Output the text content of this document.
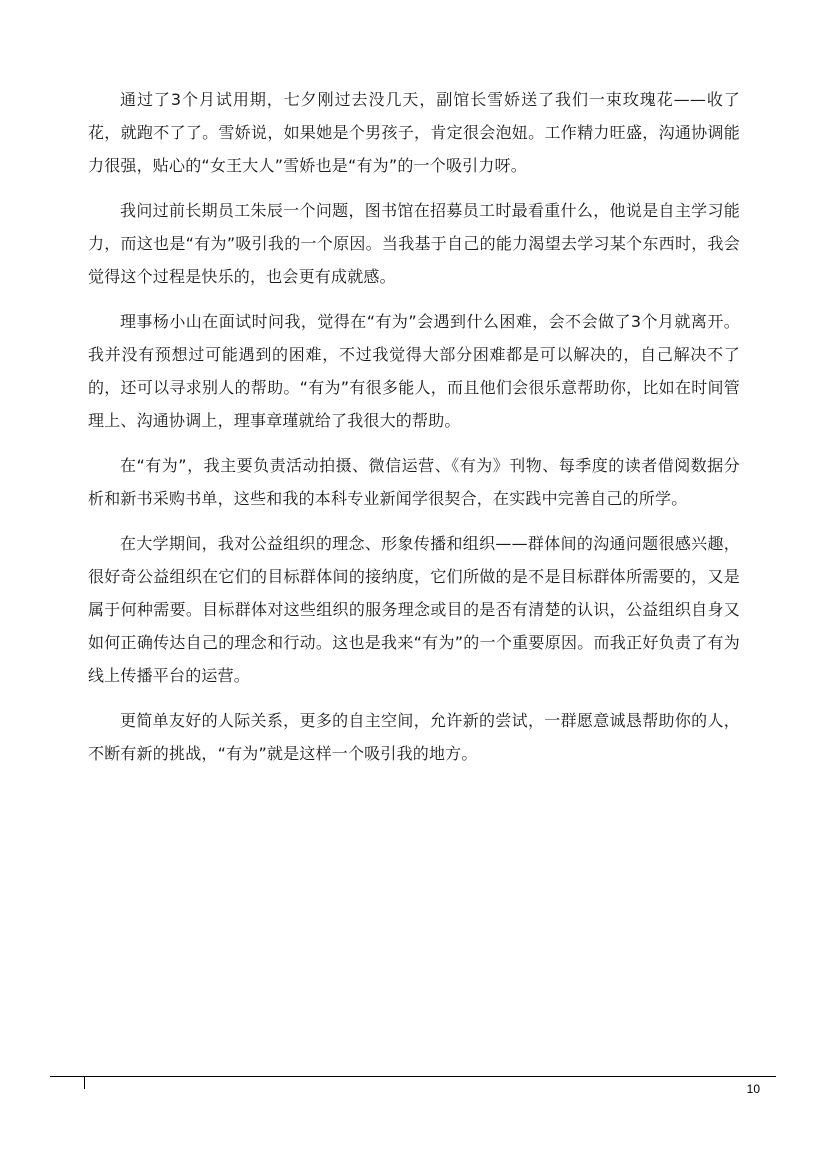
通过了3个月试用期，七夕刚过去没几天，副馆长雪娇送了我们一束玫瑰花——收了花，就跑不了了。雪娇说，如果她是个男孩子，肯定很会泡妞。工作精力旺盛，沟通协调能力很强，贴心的“女王大人”雪娇也是“有为”的一个吸引力呀。

我问过前长期员工朱辰一个问题，图书馆在招募员工时最看重什么，他说是自主学习能力，而这也是“有为”吸引我的一个原因。当我基于自己的能力渴望去学习某个东西时，我会觉得这个过程是快乐的，也会更有成就感。

理事杨小山在面试时问我，觉得在“有为”会遇到什么困难，会不会做了3个月就离开。我并没有预想过可能遇到的困难，不过我觉得大部分困难都是可以解决的，自己解决不了的，还可以寻求别人的帮助。“有为”有很多能人，而且他们会很乐意帮助你，比如在时间管理上、沟通协调上，理事章瑾就给了我很大的帮助。

在“有为”，我主要负责活动拍摄、微信运营、《有为》刊物、每季度的读者借阅数据分析和新书采购书单，这些和我的本科专业新闻学很契合，在实践中完善自己的所学。

在大学期间，我对公益组织的理念、形象传播和组织——群体间的沟通问题很感兴趣，很好奇公益组织在它们的目标群体间的接纳度，它们所做的是不是目标群体所需要的，又是属于何种需要。目标群体对这些组织的服务理念或目的是否有清楚的认识，公益组织自身又如何正确传达自己的理念和行动。这也是我来“有为”的一个重要原因。而我正好负责了有为线上传播平台的运营。

更简单友好的人际关系，更多的自主空间，允许新的尝试，一群愿意诚恳帮助你的人，不断有新的挑战，“有为”就是这样一个吸引我的地方。

10
